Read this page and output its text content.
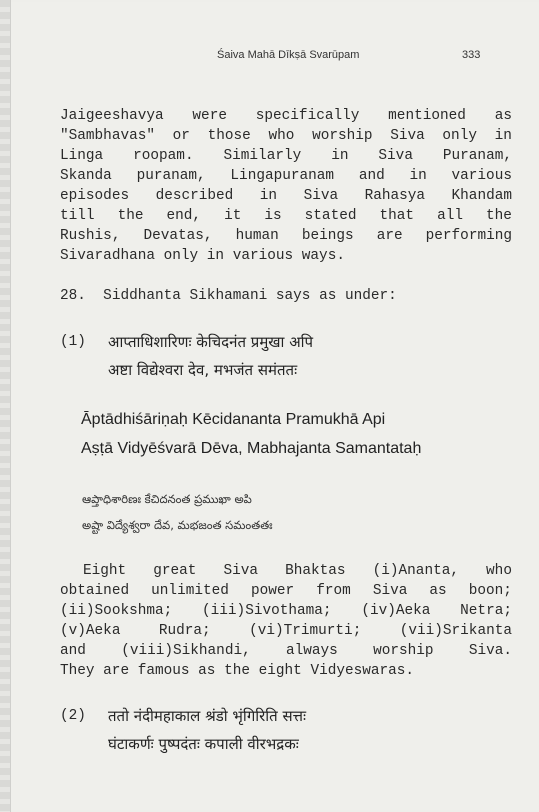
Śaiva Mahā Dīkṣā Svarūpam	333
Jaigeeshavya were specifically mentioned as
"Sambhavas" or those who worship Siva only in
Linga roopam. Similarly in Siva Puranam,
Skanda puranam, Lingapuranam and in various
episodes described in Siva Rahasya Khandam
till the end, it is stated that all the
Rushis, Devatas, human beings are performing
Sivaradhana only in various ways.
28.  Siddhanta Sikhamani says as under:
(1) आप्ताधिशारिणः केचिदनंत प्रमुखा अपि
अष्टा विद्येश्वरा देव, मभजंत समंततः
Āptādhiśāriṇaḥ Kēcidananta Pramukhā Api
Aṣṭā Vidyēśvarā Dēva, Mabhajanta Samantataḥ
ఆప్తాధిశారిణః కేచిదనంత ప్రముఖా అపి
అష్టా విద్యేశ్వరా దేవ, మభజంత సమంతతః
Eight great Siva Bhaktas (i)Ananta, who
obtained unlimited power from Siva as boon;
(ii)Sookshma; (iii)Sivothama; (iv)Aeka Netra;
(v)Aeka	Rudra;	(vi)Trimurti;	(vii)Srikanta
and (viii)Sikhandi, always worship Siva.
They are famous as the eight Vidyeswaras.
(2) ततो नंदीमहाकाल श्रंडो भृंगिरिति सत्तः
घंटाकर्णः पुष्पदंतः कपाली वीरभद्रकः
